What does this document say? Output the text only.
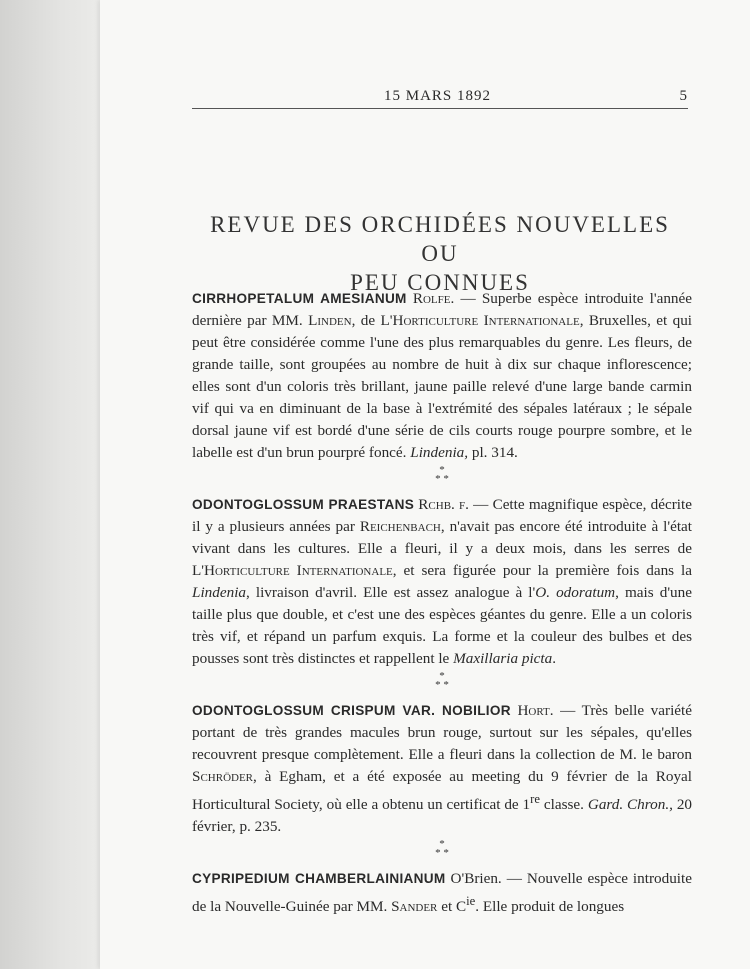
15 MARS 1892	5
REVUE DES ORCHIDÉES NOUVELLES OU
PEU CONNUES

CIRRHOPETALUM AMESIANUM Rolfe. — Superbe espèce introduite l'année dernière par MM. Linden, de L'Horticulture Internationale, Bruxelles, et qui peut être considérée comme l'une des plus remarquables du genre. Les fleurs, de grande taille, sont groupées au nombre de huit à dix sur chaque inflorescence; elles sont d'un coloris très brillant, jaune paille relevé d'une large bande carmin vif qui va en diminuant de la base à l'extrémité des sépales latéraux ; le sépale dorsal jaune vif est bordé d'une série de cils courts rouge pourpre sombre, et le labelle est d'un brun pourpré foncé. Lindenia, pl. 314.

*
* *

ODONTOGLOSSUM PRAESTANS Rchb. f. — Cette magnifique espèce, décrite il y a plusieurs années par Reichenbach, n'avait pas encore été introduite à l'état vivant dans les cultures. Elle a fleuri, il y a deux mois, dans les serres de L'Horticulture Internationale, et sera figurée pour la première fois dans la Lindenia, livraison d'avril. Elle est assez analogue à l'O. odoratum, mais d'une taille plus que double, et c'est une des espèces géantes du genre. Elle a un coloris très vif, et répand un parfum exquis. La forme et la couleur des bulbes et des pousses sont très distinctes et rappellent le Maxillaria picta.

*
* *

ODONTOGLOSSUM CRISPUM VAR. NOBILIOR Hort. — Très belle variété portant de très grandes macules brun rouge, surtout sur les sépales, qu'elles recouvrent presque complètement. Elle a fleuri dans la collection de M. le baron Schröder, à Egham, et a été exposée au meeting du 9 février de la Royal Horticultural Society, où elle a obtenu un certificat de 1re classe. Gard. Chron., 20 février, p. 235.

*
* *

CYPRIPEDIUM CHAMBERLAINIANUM O'Brien. — Nouvelle espèce introduite de la Nouvelle-Guinée par MM. Sander et $C^{ie}$. Elle produit de longues
